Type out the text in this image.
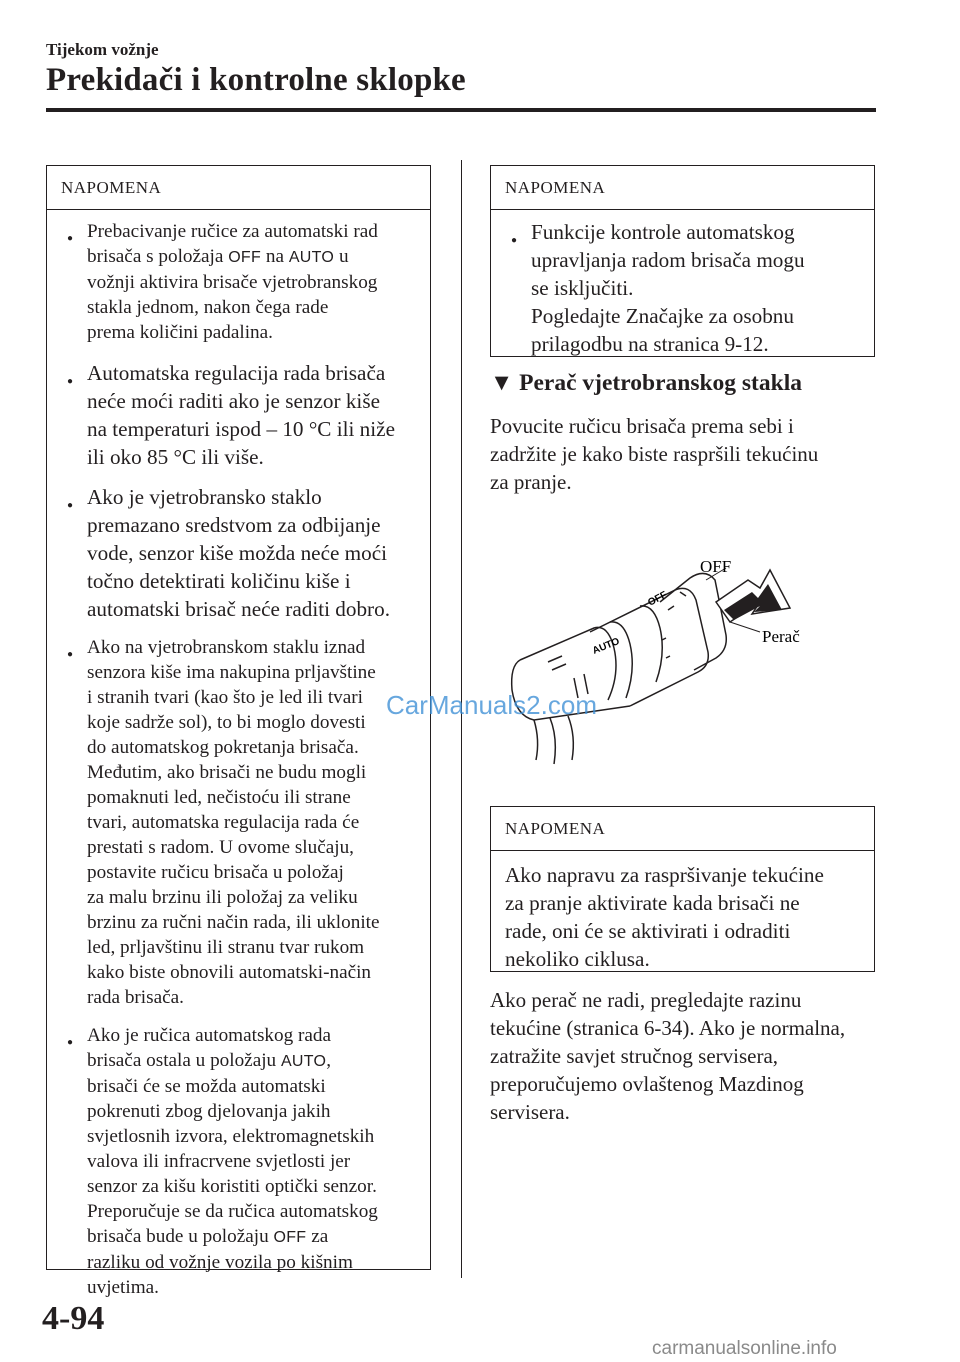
Tijekom vožnje
Prekidači i kontrolne sklopke
NAPOMENA
● Prebacivanje ručice za automatski rad
brisača s položaja OFF na AUTO u
vožnji aktivira brisače vjetrobranskog
stakla jednom, nakon čega rade
prema količini padalina.
● Automatska regulacija rada brisača
neće moći raditi ako je senzor kiše
na temperaturi ispod – 10 °C ili niže
ili oko 85 °C ili više.
● Ako je vjetrobransko staklo
premazano sredstvom za odbijanje
vode, senzor kiše možda neće moći
točno detektirati količinu kiše i
automatski brisač neće raditi dobro.
● Ako na vjetrobranskom staklu iznad
senzora kiše ima nakupina prljavštine
i stranih tvari (kao što je led ili tvari
koje sadrže sol), to bi moglo dovesti
do automatskog pokretanja brisača.
Međutim, ako brisači ne budu mogli
pomaknuti led, nečistoću ili strane
tvari, automatska regulacija rada će
prestati s radom. U ovome slučaju,
postavite ručicu brisača u položaj
za malu brzinu ili položaj za veliku
brzinu za ručni način rada, ili uklonite
led, prljavštinu ili stranu tvar rukom
kako biste obnovili automatski-način
rada brisača.
● Ako je ručica automatskog rada
brisača ostala u položaju AUTO,
brisači će se možda automatski
pokrenuti zbog djelovanja jakih
svjetlosnih izvora, elektromagnetskih
valova ili infracrvene svjetlosti jer
senzor za kišu koristiti optički senzor.
Preporučuje se da ručica automatskog
brisača bude u položaju OFF za
razliku od vožnje vozila po kišnim
uvjetima.
NAPOMENA
● Funkcije kontrole automatskog
upravljanja radom brisača mogu
se isključiti.
Pogledajte Značajke za osobnu
prilagodbu na stranica 9-12.
▼ Perač vjetrobranskog stakla
Povucite ručicu brisača prema sebi i
zadržite je kako biste raspršili tekućinu
za pranje.
OFF
Perač
AUTO
OFF
NAPOMENA
Ako napravu za raspršivanje tekućine
za pranje aktivirate kada brisači ne
rade, oni će se aktivirati i odraditi
nekoliko ciklusa.
Ako perač ne radi, pregledajte razinu
tekućine (stranica 6-34). Ako je normalna,
zatražite savjet stručnog servisera,
preporučujemo ovlaštenog Mazdinog
servisera.
4-94
CarManuals2.com
carmanualsonline.info
